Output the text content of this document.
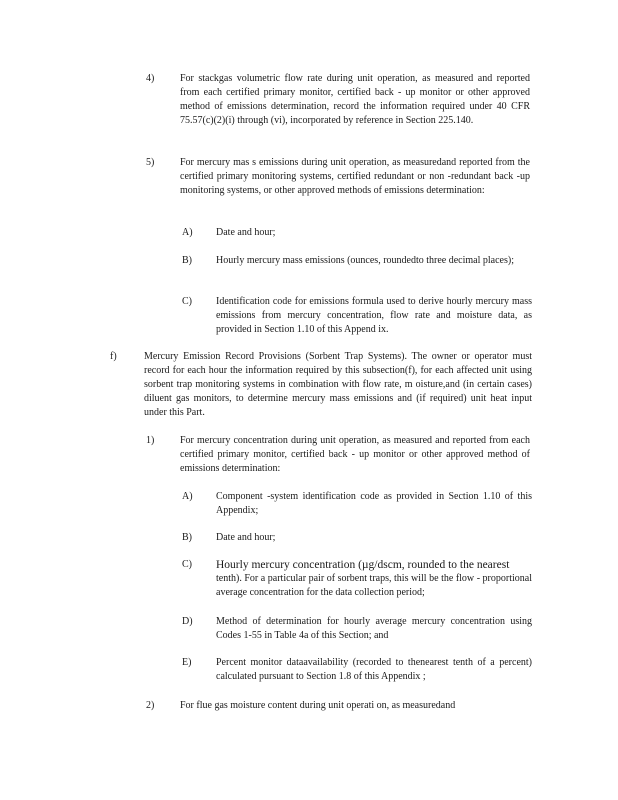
4)	For stackgas volumetric flow rate during unit operation, as measured and reported from each certified primary monitor, certified back - up monitor or other approved method of emissions determination, record the information required under 40 CFR 75.57(c)(2)(i) through (vi), incorporated by reference in Section 225.140.
5)	For mercury mas s emissions during unit operation, as measuredand reported from the certified primary monitoring systems, certified redundant or non -redundant back -up monitoring systems, or other approved methods of emissions determination:
A) Date and hour;
B) Hourly mercury mass emissions (ounces, roundedto three decimal places);
C) Identification code for emissions formula used to derive hourly mercury mass emissions from mercury concentration, flow rate and moisture data, as provided in Section 1.10 of this Append ix.
f)	Mercury Emission Record Provisions (Sorbent Trap Systems). The owner or operator must record for each hour the information required by this subsection(f), for each affected unit using sorbent trap monitoring systems in combination with flow rate, m oisture,and (in certain cases) diluent gas monitors, to determine mercury mass emissions and (if required) unit heat input under this Part.
1)	For mercury concentration during unit operation, as measured and reported from each certified primary monitor, certified back - up monitor or other approved method of emissions determination:
A) Component -system identification code as provided in Section 1.10 of this Appendix;
B) Date and hour;
C) Hourly mercury concentration (µg/dscm, rounded to the nearest
tenth). For a particular pair of sorbent traps, this will be the flow - proportional average concentration for the data collection period;
D) Method of determination for hourly average mercury concentration using Codes 1-55 in Table 4a of this Section; and
E) Percent monitor dataavailability (recorded to thenearest tenth of a percent) calculated pursuant to Section 1.8 of this Appendix ;
2)	For flue gas moisture content during unit operati on, as measuredand
